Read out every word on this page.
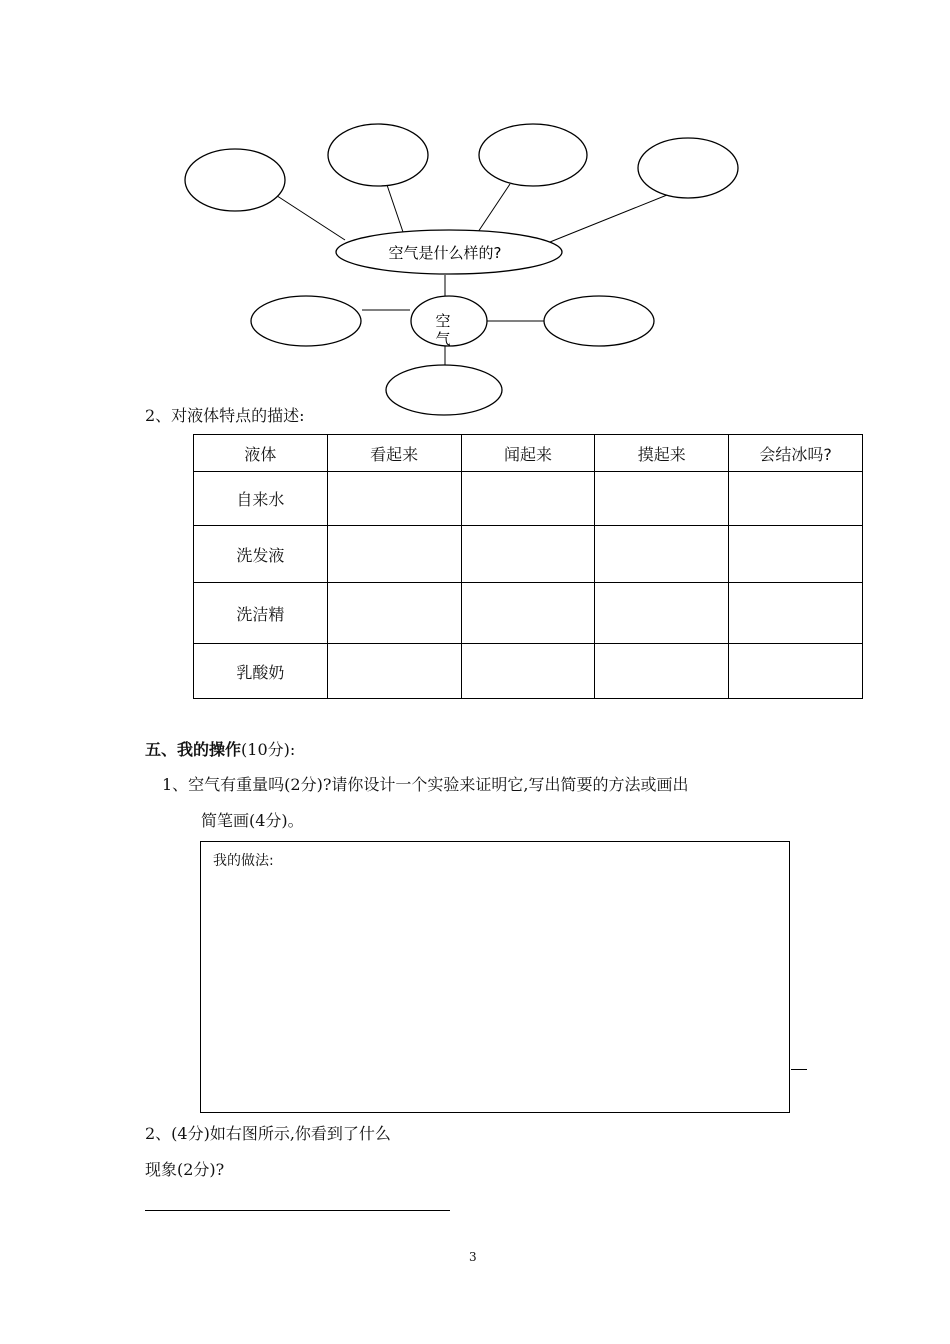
空气是什么样的?
空
气
2、对液体特点的描述:
液体	看起来	闻起来	摸起来	会结冰吗?
自来水				
洗发液				
洗洁精				
乳酸奶				
五、我的操作(10分):
1、空气有重量吗(2分)?请你设计一个实验来证明它,写出简要的方法或画出
简笔画(4分)。
我的做法:
2、(4分)如右图所示,你看到了什么
现象(2分)?
3
